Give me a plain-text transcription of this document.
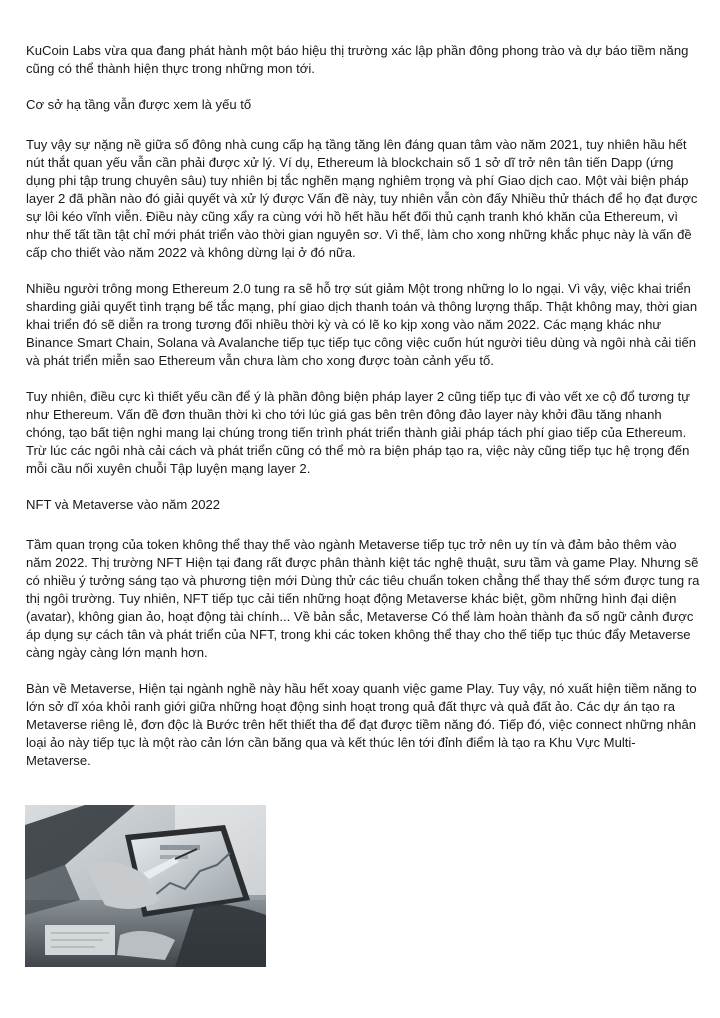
KuCoin Labs vừa qua đang phát hành một báo hiệu thị trường xác lập phần đông phong trào và dự báo tiềm năng cũng có thể thành hiện thực trong những mon tới.

Cơ sở hạ tầng vẫn được xem là yếu tố

Tuy vậy sự nặng nề giữa số đông nhà cung cấp hạ tầng tăng lên đáng quan tâm vào năm 2021, tuy nhiên hầu hết nút thắt quan yếu vẫn cần phải được xử lý. Ví dụ, Ethereum là blockchain số 1 sở dĩ trở nên tân tiến Dapp (ứng dụng phi tập trung chuyên sâu) tuy nhiên bị tắc nghẽn mạng nghiêm trọng và phí Giao dịch cao. Một vài biện pháp layer 2 đã phần nào đó giải quyết và xử lý được Vấn đề này, tuy nhiên vẫn còn đấy Nhiều thử thách để họ đạt được sự lôi kéo vĩnh viễn. Điều này cũng xẩy ra cùng với hồ hết hầu hết đối thủ cạnh tranh khó khăn của Ethereum, vì như thế tất tần tật chỉ mới phát triển vào thời gian nguyên sơ. Vì thế, làm cho xong những khắc phục này là vấn đề cấp cho thiết vào năm 2022 và không dừng lại ở đó nữa.

Nhiều người trông mong Ethereum 2.0 tung ra sẽ hỗ trợ sút giảm Một trong những lo lo ngại. Vì vậy, việc khai triển sharding giải quyết tình trạng bế tắc mạng, phí giao dịch thanh toán và thông lượng thấp. Thật không may, thời gian khai triển đó sẽ diễn ra trong tương đối nhiều thời kỳ và có lẽ ko kịp xong vào năm 2022. Các mạng khác như Binance Smart Chain, Solana và Avalanche tiếp tục tiếp tục công việc cuốn hút người tiêu dùng và ngôi nhà cải tiến và phát triển miễn sao Ethereum vẫn chưa làm cho xong được toàn cảnh yếu tố.

Tuy nhiên, điều cực kì thiết yếu cần để ý là phần đông biện pháp layer 2 cũng tiếp tục đi vào vết xe cộ đổ tương tự như Ethereum. Vấn đề đơn thuần thời kì cho tới lúc giá gas bên trên đông đảo layer này khởi đầu tăng nhanh chóng, tạo bất tiện nghi mang lại chúng trong tiến trình phát triển thành giải pháp tách phí giao tiếp của Ethereum. Trừ lúc các ngôi nhà cải cách và phát triển cũng có thể mò ra biện pháp tạo ra, việc này cũng tiếp tục hệ trọng đến mỗi cầu nối xuyên chuỗi Tập luyện mạng layer 2.

NFT và Metaverse vào năm 2022

Tầm quan trọng của token không thể thay thế vào ngành Metaverse tiếp tục trở nên uy tín và đảm bảo thêm vào năm 2022. Thị trường NFT Hiện tại đang rất được phân thành kiệt tác nghệ thuật, sưu tầm và game Play. Nhưng sẽ có nhiều ý tưởng sáng tạo và phương tiện mới Dùng thử các tiêu chuẩn token chẳng thể thay thế sớm được tung ra thị ngôi trường. Tuy nhiên, NFT tiếp tục cải tiến những hoạt động Metaverse khác biệt, gồm những hình đại diện (avatar), không gian ảo, hoạt động tài chính... Về bản sắc, Metaverse Có thể làm hoàn thành đa số ngữ cảnh được áp dụng sự cách tân và phát triển của NFT, trong khi các token không thể thay cho thế tiếp tục thúc đẩy Metaverse càng ngày càng lớn mạnh hơn.

Bàn về Metaverse, Hiện tại ngành nghề này hầu hết xoay quanh việc game Play. Tuy vậy, nó xuất hiện tiềm năng to lớn sở dĩ xóa khỏi ranh giới giữa những hoạt động sinh hoạt trong quả đất thực và quả đất ảo. Các dự án tạo ra Metaverse riêng lẻ, đơn độc là Bước trên hết thiết tha để đạt được tiềm năng đó. Tiếp đó, việc connect những nhân loại ảo này tiếp tục là một rào cản lớn cần băng qua và kết thúc lên tới đỉnh điểm là tạo ra Khu Vực Multi-Metaverse.
